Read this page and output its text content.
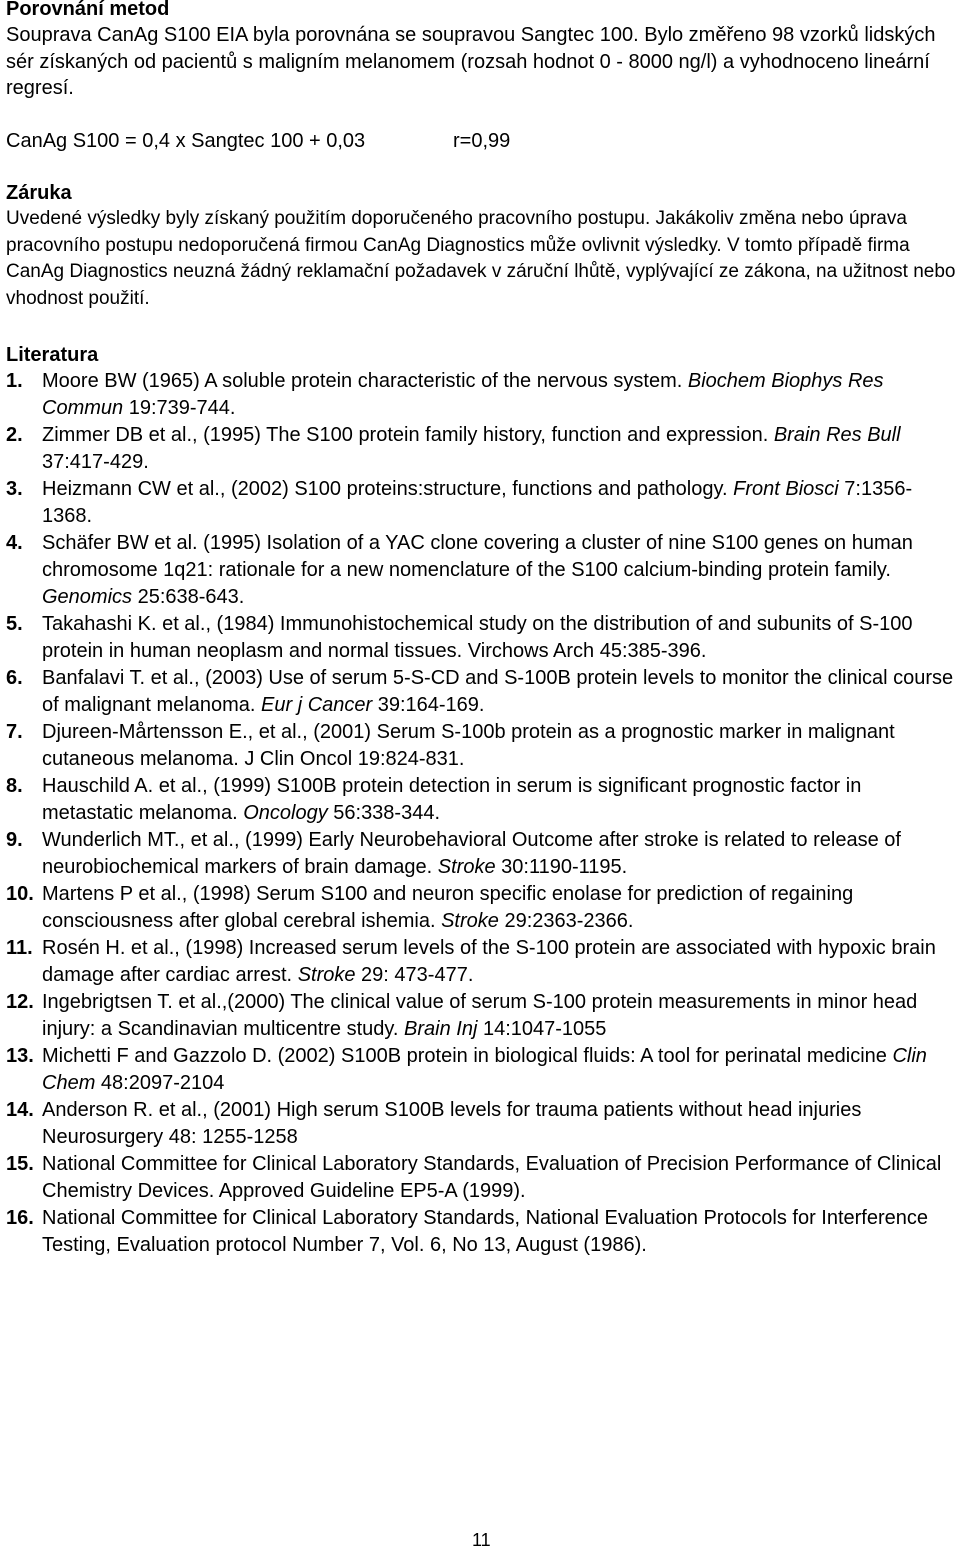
Porovnání metod
Souprava CanAg S100 EIA byla porovnána se soupravou Sangtec 100. Bylo změřeno 98 vzorků lidských sér získaných od pacientů s maligním melanomem (rozsah hodnot 0 - 8000 ng/l) a vyhodnoceno lineární regresí.
CanAg S100 = 0,4 x Sangtec 100 + 0,03	r=0,99
Záruka
Uvedené výsledky byly získaný použitím doporučeného pracovního postupu. Jakákoliv změna nebo úprava pracovního postupu nedoporučená firmou CanAg Diagnostics může ovlivnit výsledky. V tomto případě firma CanAg Diagnostics neuzná žádný reklamační požadavek v záruční lhůtě, vyplývající ze zákona, na užitnost nebo vhodnost použití.
Literatura
1. Moore BW (1965) A soluble protein characteristic of the nervous system. Biochem Biophys Res Commun 19:739-744.
2. Zimmer DB et al., (1995) The S100 protein family history, function and expression. Brain Res Bull 37:417-429.
3. Heizmann CW et al., (2002) S100 proteins:structure, functions and pathology. Front Biosci 7:1356-1368.
4. Schäfer BW et al. (1995) Isolation of a YAC clone covering a cluster of nine S100 genes on human chromosome 1q21: rationale for a new nomenclature of the S100 calcium-binding protein family. Genomics 25:638-643.
5. Takahashi K. et al., (1984) Immunohistochemical study on the distribution of and subunits of S-100 protein in human neoplasm and normal tissues. Virchows Arch 45:385-396.
6. Banfalavi T. et al., (2003) Use of serum 5-S-CD and S-100B protein levels to monitor the clinical course of malignant melanoma. Eur j Cancer 39:164-169.
7. Djureen-Mårtensson E., et al., (2001) Serum S-100b protein as a prognostic marker in malignant cutaneous melanoma. J Clin Oncol 19:824-831.
8. Hauschild A. et al., (1999) S100B protein detection in serum is significant prognostic factor in metastatic melanoma. Oncology 56:338-344.
9. Wunderlich MT., et al., (1999) Early Neurobehavioral Outcome after stroke is related to release of neurobiochemical markers of brain damage. Stroke 30:1190-1195.
10. Martens P et al., (1998) Serum S100 and neuron specific enolase for prediction of regaining consciousness after global cerebral ishemia. Stroke 29:2363-2366.
11. Rosén H. et al., (1998) Increased serum levels of the S-100 protein are associated with hypoxic brain damage after cardiac arrest. Stroke 29: 473-477.
12. Ingebrigtsen T. et al.,(2000) The clinical value of serum S-100 protein measurements in minor head injury: a Scandinavian multicentre study. Brain Inj 14:1047-1055
13. Michetti F and Gazzolo D. (2002) S100B protein in biological fluids: A tool for perinatal medicine Clin Chem 48:2097-2104
14. Anderson R. et al., (2001) High serum S100B levels for trauma patients without head injuries Neurosurgery 48: 1255-1258
15. National Committee for Clinical Laboratory Standards, Evaluation of Precision Performance of Clinical Chemistry Devices. Approved Guideline EP5-A (1999).
16. National Committee for Clinical Laboratory Standards, National Evaluation Protocols for Interference Testing, Evaluation protocol Number 7, Vol. 6, No 13, August (1986).
11
